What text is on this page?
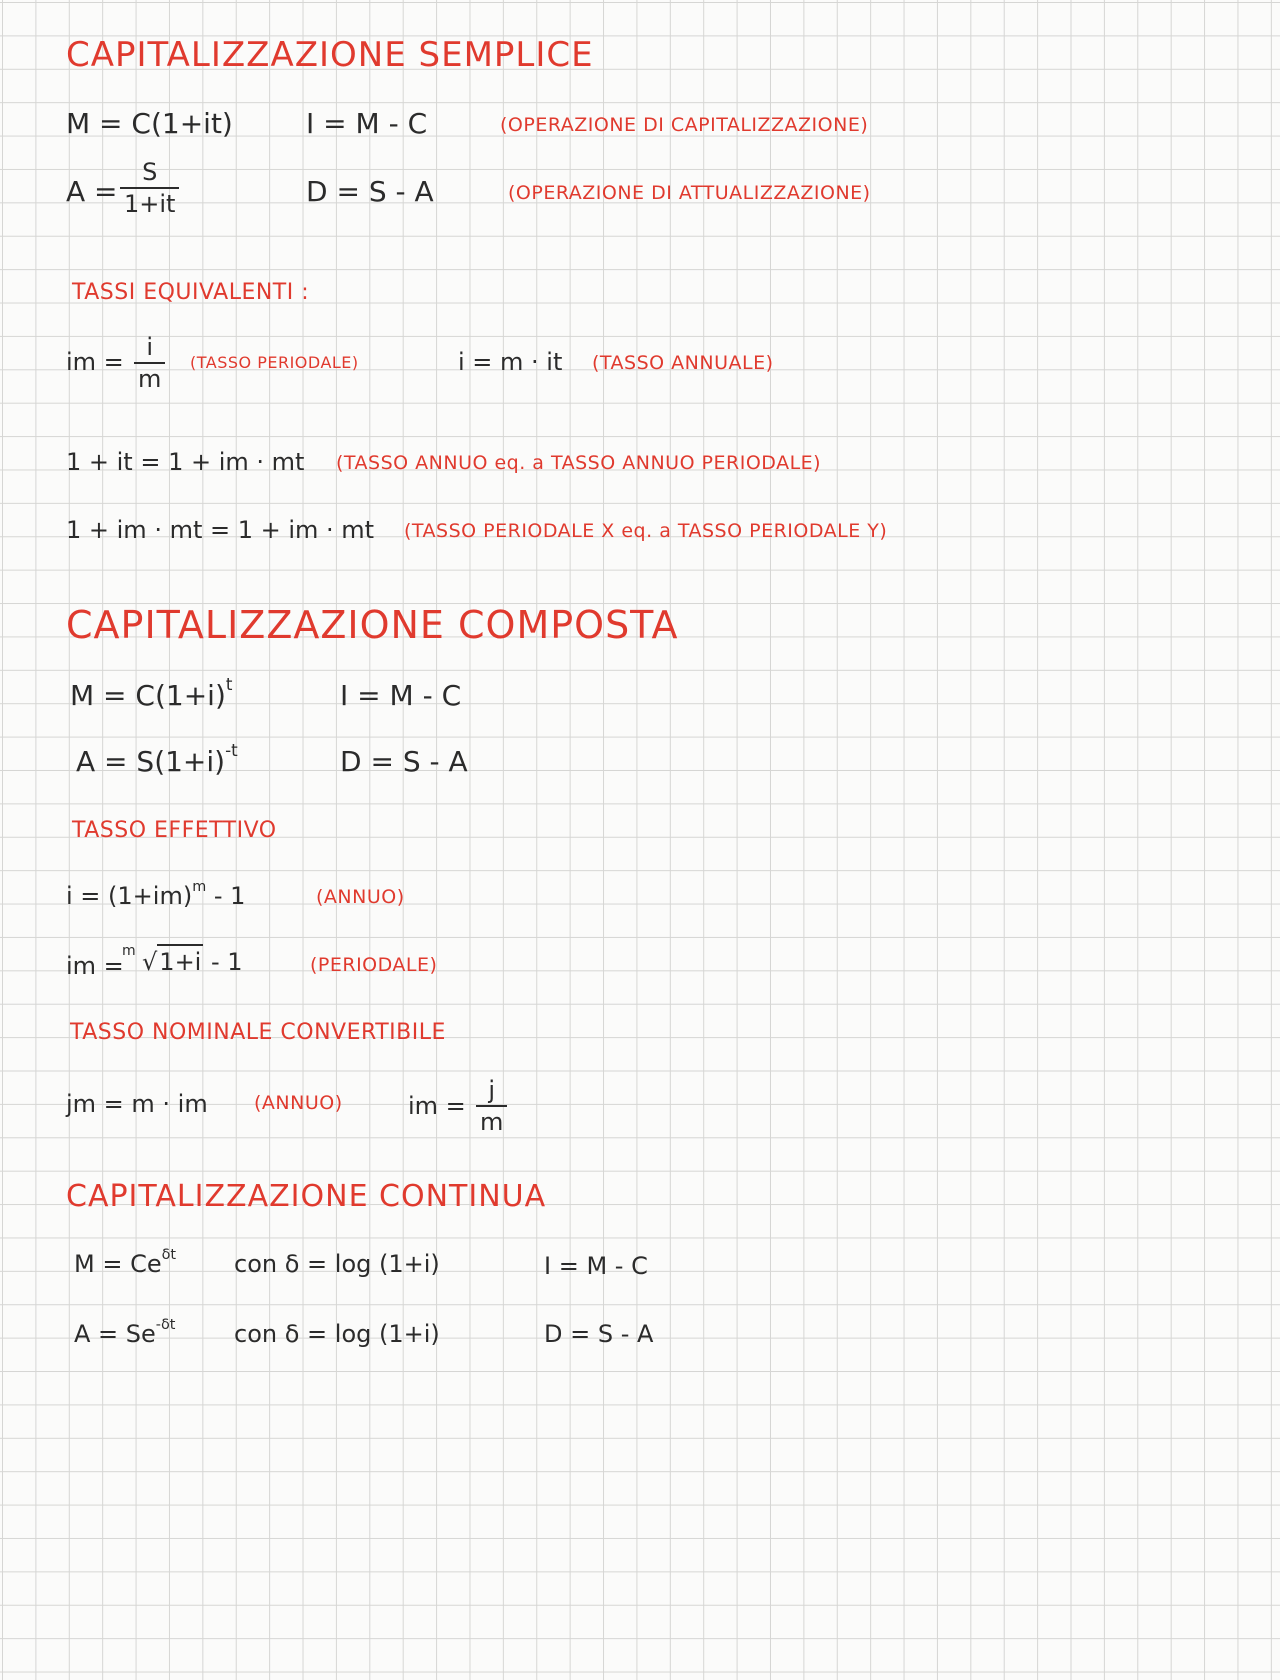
CAPITALIZZAZIONE SEMPLICE
M = C(1+it)	I = M - C	(OPERAZIONE DI CAPITALIZZAZIONE)
A =
S
1+it	D = S - A	(OPERAZIONE DI ATTUALIZZAZIONE)
TASSI EQUIVALENTI :
im =
i
m
(TASSO PERIODALE)	i = m · it (TASSO ANNUALE)
1 + it = 1 + im · mt (TASSO ANNUO eq. a TASSO ANNUO PERIODALE)
1 + im · mt = 1 + im · mt (TASSO PERIODALE X eq. a TASSO PERIODALE Y)
CAPITALIZZAZIONE COMPOSTA
$M = C(1+i)^t$	I = M - C
$A = S(1+i)^{-t}$	D = S - A
TASSO EFFETTIVO
$i = (1+im)^m - 1$	(ANNUO)
im =
m √1+i - 1	(PERIODALE)
TASSO NOMINALE CONVERTIBILE
jm = m · im (ANNUO)	im =
j
m
CAPITALIZZAZIONE CONTINUA
$M = Ce^{\delta t}$ con δ = log (1+i)	I = M - C
$A = Se^{-\delta t}$ con δ = log (1+i)	D = S - A
